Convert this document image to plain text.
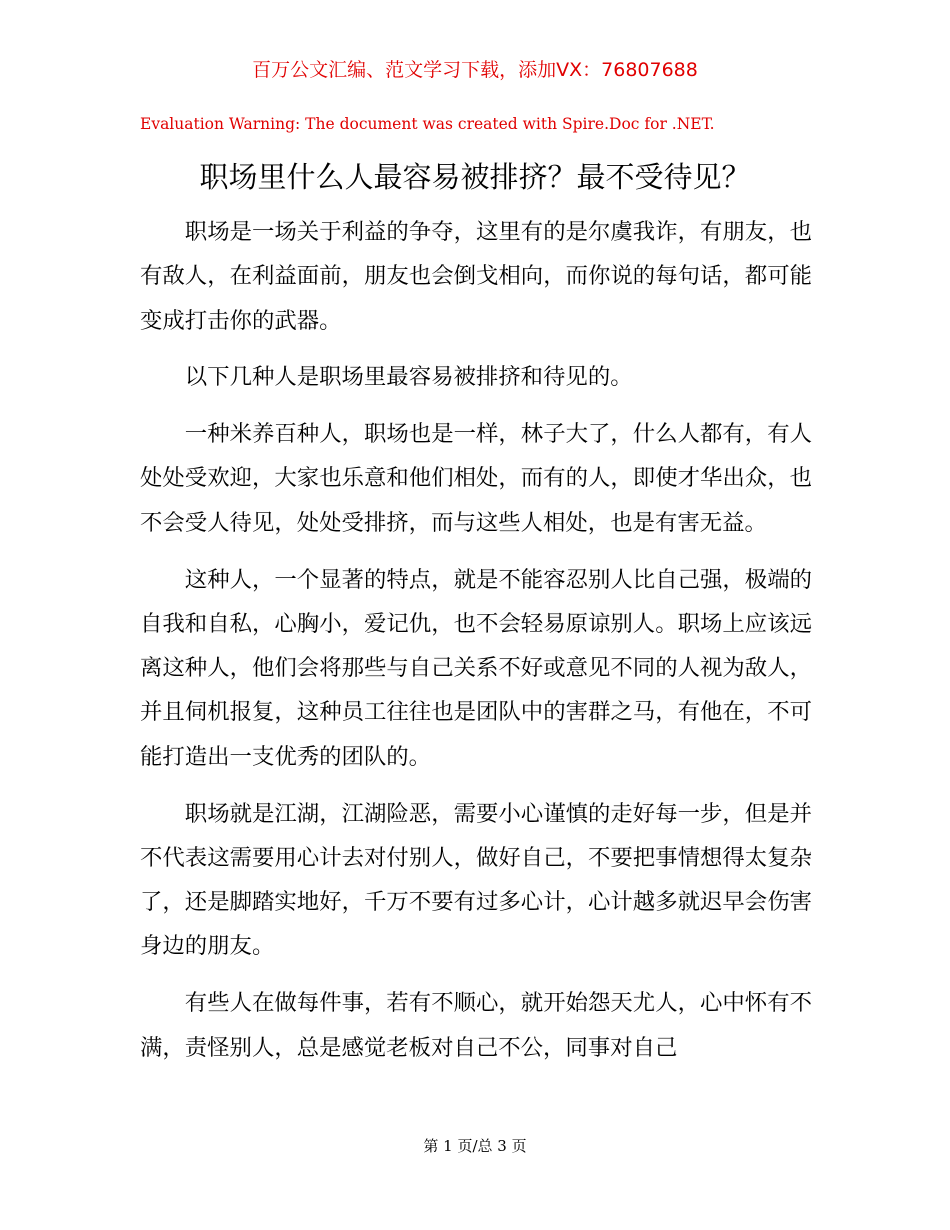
百万公文汇编、范文学习下载，添加VX：76807688
Evaluation Warning: The document was created with Spire.Doc for .NET.
职场里什么人最容易被排挤？最不受待见？

职场是一场关于利益的争夺，这里有的是尔虞我诈，有朋友，也有敌人，在利益面前，朋友也会倒戈相向，而你说的每句话，都可能变成打击你的武器。

以下几种人是职场里最容易被排挤和待见的。

一种米养百种人，职场也是一样，林子大了，什么人都有，有人处处受欢迎，大家也乐意和他们相处，而有的人，即使才华出众，也不会受人待见，处处受排挤，而与这些人相处，也是有害无益。

这种人，一个显著的特点，就是不能容忍别人比自己强，极端的自我和自私，心胸小，爱记仇，也不会轻易原谅别人。职场上应该远离这种人，他们会将那些与自己关系不好或意见不同的人视为敌人，并且伺机报复，这种员工往往也是团队中的害群之马，有他在，不可能打造出一支优秀的团队的。

职场就是江湖，江湖险恶，需要小心谨慎的走好每一步，但是并不代表这需要用心计去对付别人，做好自己，不要把事情想得太复杂了，还是脚踏实地好，千万不要有过多心计，心计越多就迟早会伤害身边的朋友。

有些人在做每件事，若有不顺心，就开始怨天尤人，心中怀有不满，责怪别人，总是感觉老板对自己不公，同事对自己

第 1 页/总 3 页
